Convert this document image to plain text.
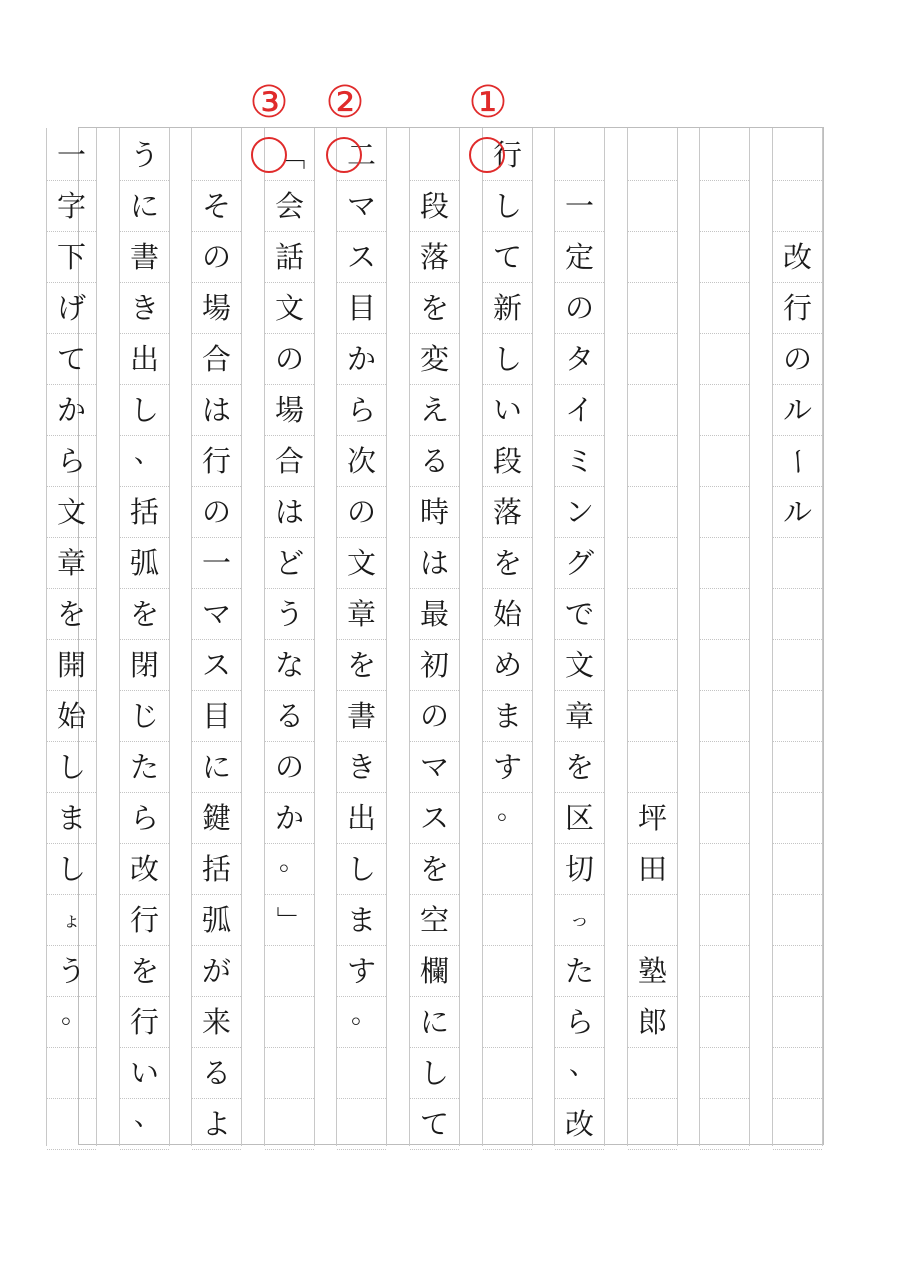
改
行
の
ル
ー
ル
坪
田
塾
郎
一
定
の
タ
イ
ミ
ン
グ
で
文
章
を
区
切
っ
た
ら
、
改
行
し
て
新
し
い
段
落
を
始
め
ま
す
。
段
落
を
変
え
る
時
は
最
初
の
マ
ス
を
空
欄
に
し
て
二
マ
ス
目
か
ら
次
の
文
章
を
書
き
出
し
ま
す
。
「
会
話
文
の
場
合
は
ど
う
な
る
の
か
。
」
そ
の
場
合
は
行
の
一
マ
ス
目
に
鍵
括
弧
が
来
る
よ
う
に
書
き
出
し
、
括
弧
を
閉
じ
た
ら
改
行
を
行
い
、
一
字
下
げ
て
か
ら
文
章
を
開
始
し
ま
し
ょ
う
。
①
②
③
